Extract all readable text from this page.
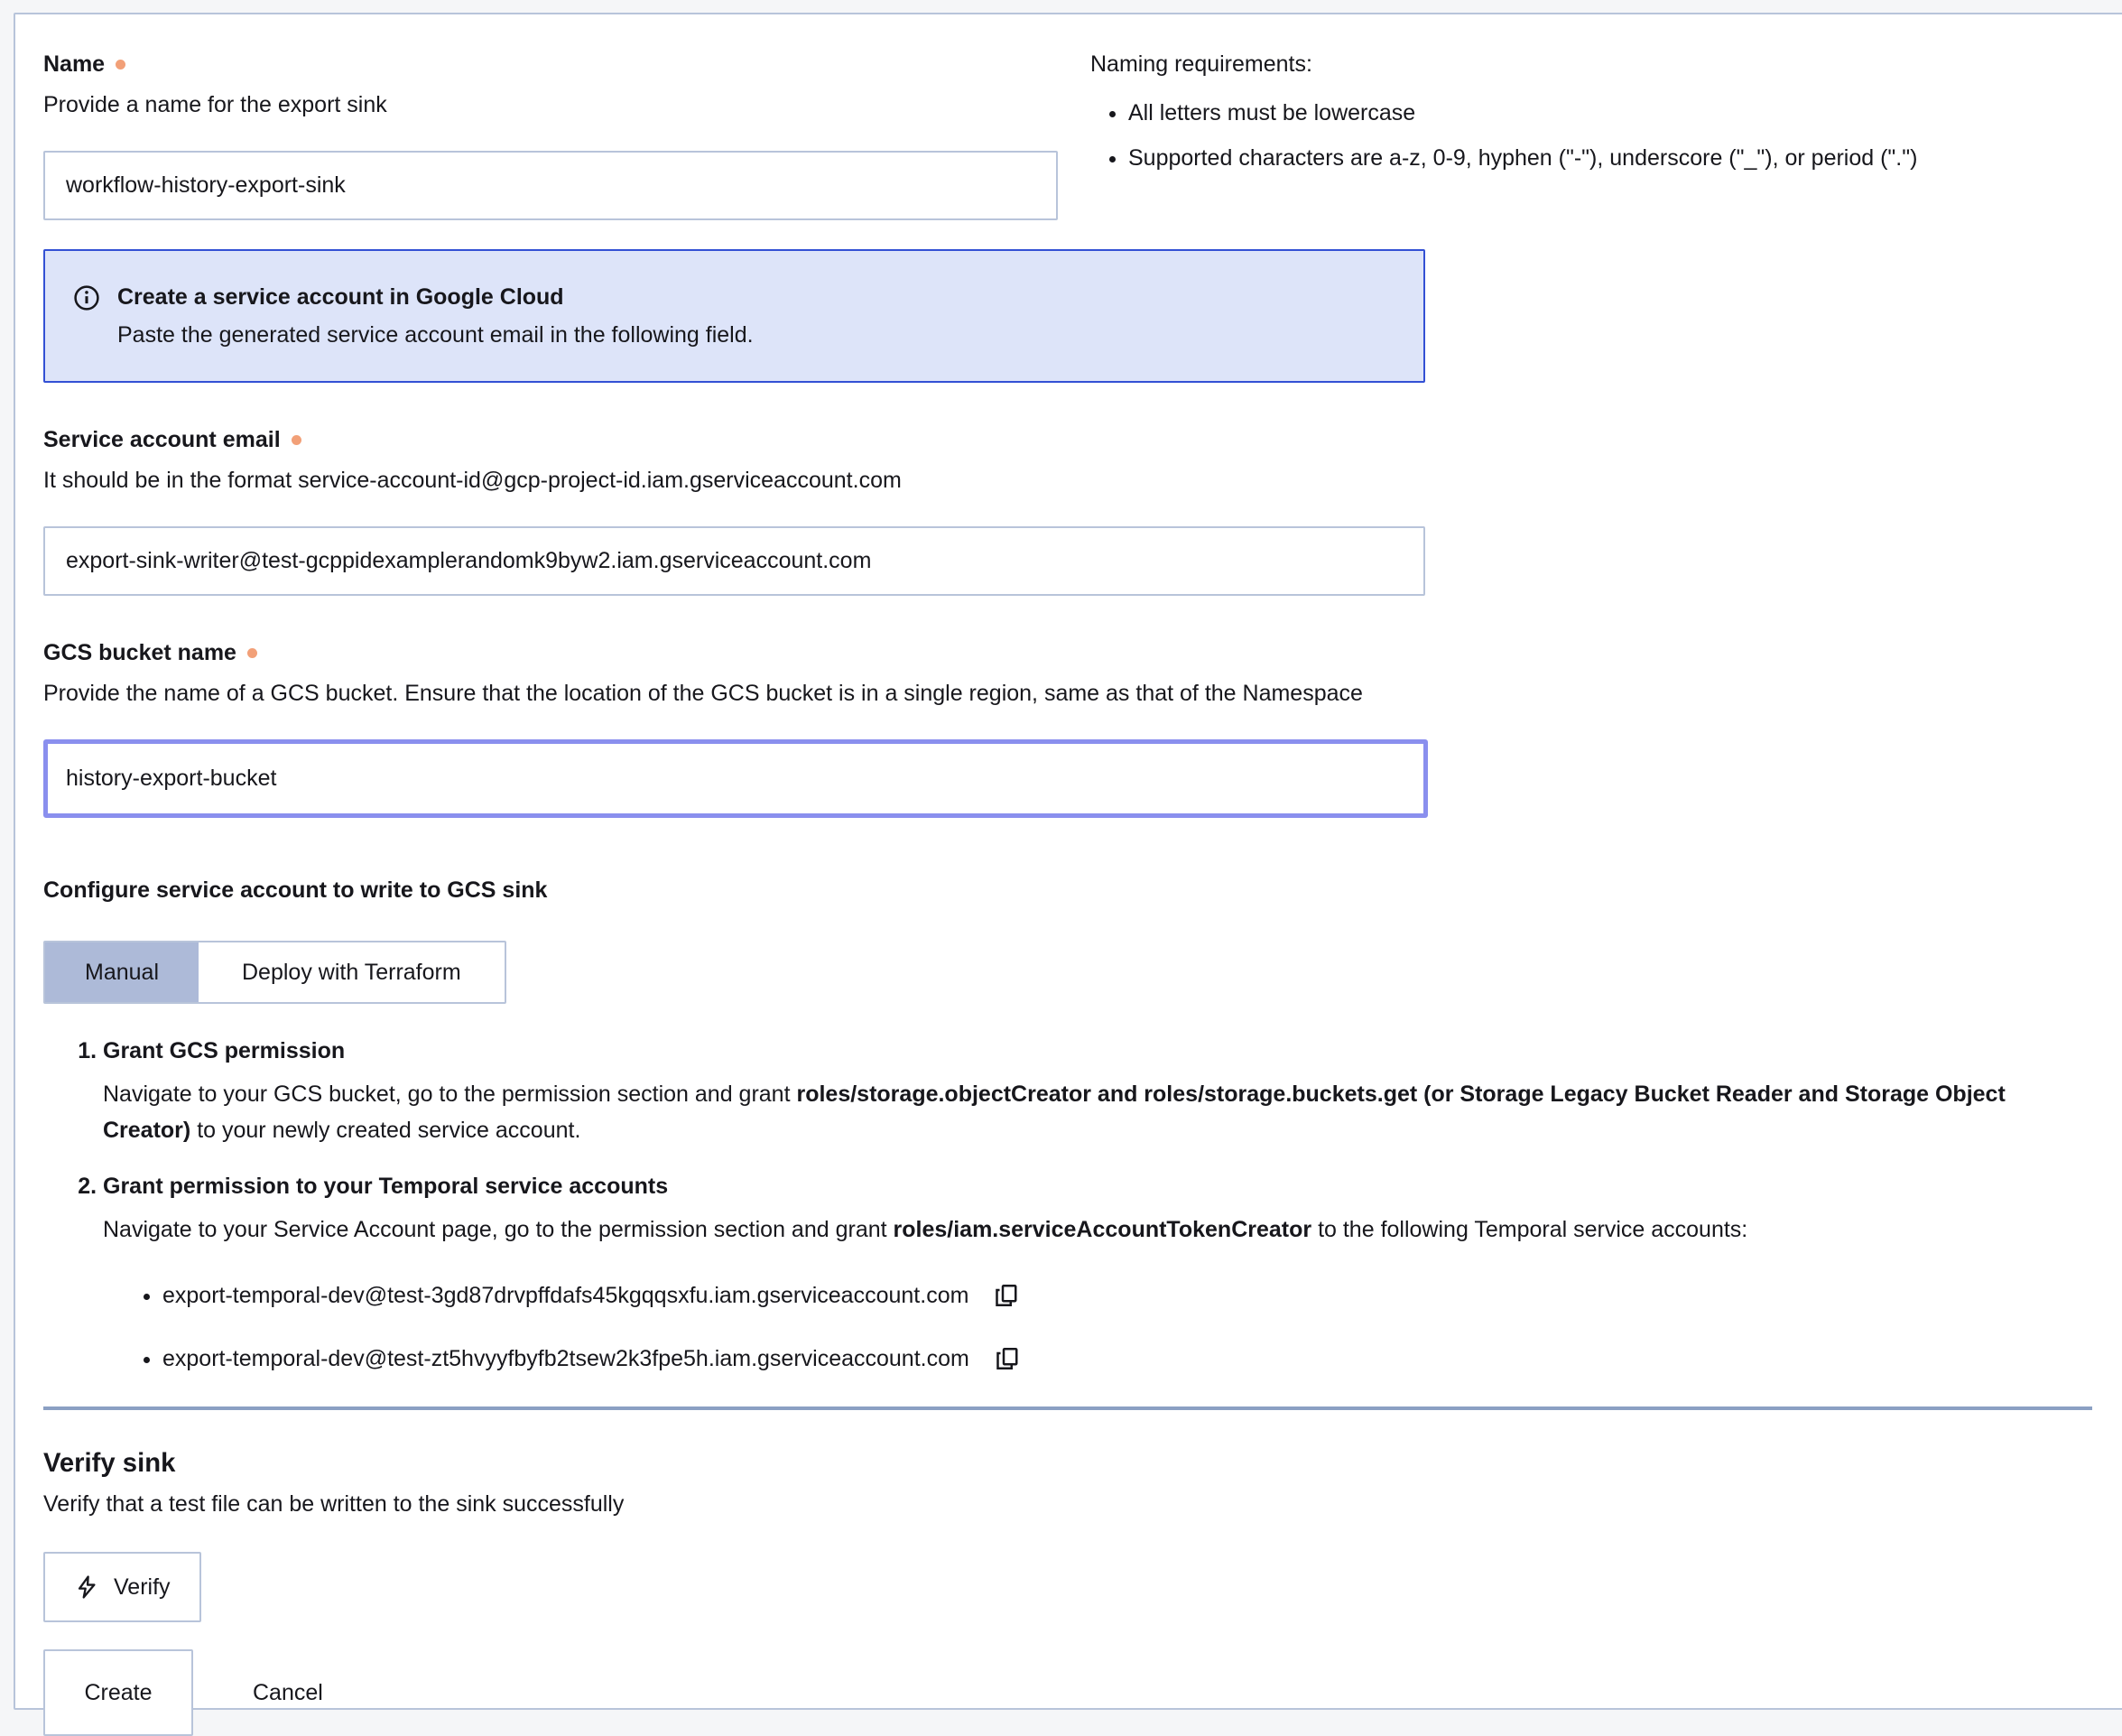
Name

Provide a name for the export sink

workflow-history-export-sink

Naming requirements:

• All letters must be lowercase
• Supported characters are a-z, 0-9, hyphen ("-"), underscore ("_"), or period (".")
Create a service account in Google Cloud
Paste the generated service account email in the following field.
Service account email

It should be in the format service-account-id@gcp-project-id.iam.gserviceaccount.com

export-sink-writer@test-gcppidexamplerandomk9byw2.iam.gserviceaccount.com
GCS bucket name

Provide the name of a GCS bucket. Ensure that the location of the GCS bucket is in a single region, same as that of the Namespace

history-export-bucket
Configure service account to write to GCS sink
Manual	Deploy with Terraform
1. Grant GCS permission

Navigate to your GCS bucket, go to the permission section and grant roles/storage.objectCreator and roles/storage.buckets.get (or Storage Legacy Bucket Reader and Storage Object Creator) to your newly created service account.

2. Grant permission to your Temporal service accounts

Navigate to your Service Account page, go to the permission section and grant roles/iam.serviceAccountTokenCreator to the following Temporal service accounts:

• export-temporal-dev@test-3gd87drvpffdafs45kgqqsxfu.iam.gserviceaccount.com
• export-temporal-dev@test-zt5hvyyfbyfb2tsew2k3fpe5h.iam.gserviceaccount.com
Verify sink

Verify that a test file can be written to the sink successfully

Verify
Create	Cancel
